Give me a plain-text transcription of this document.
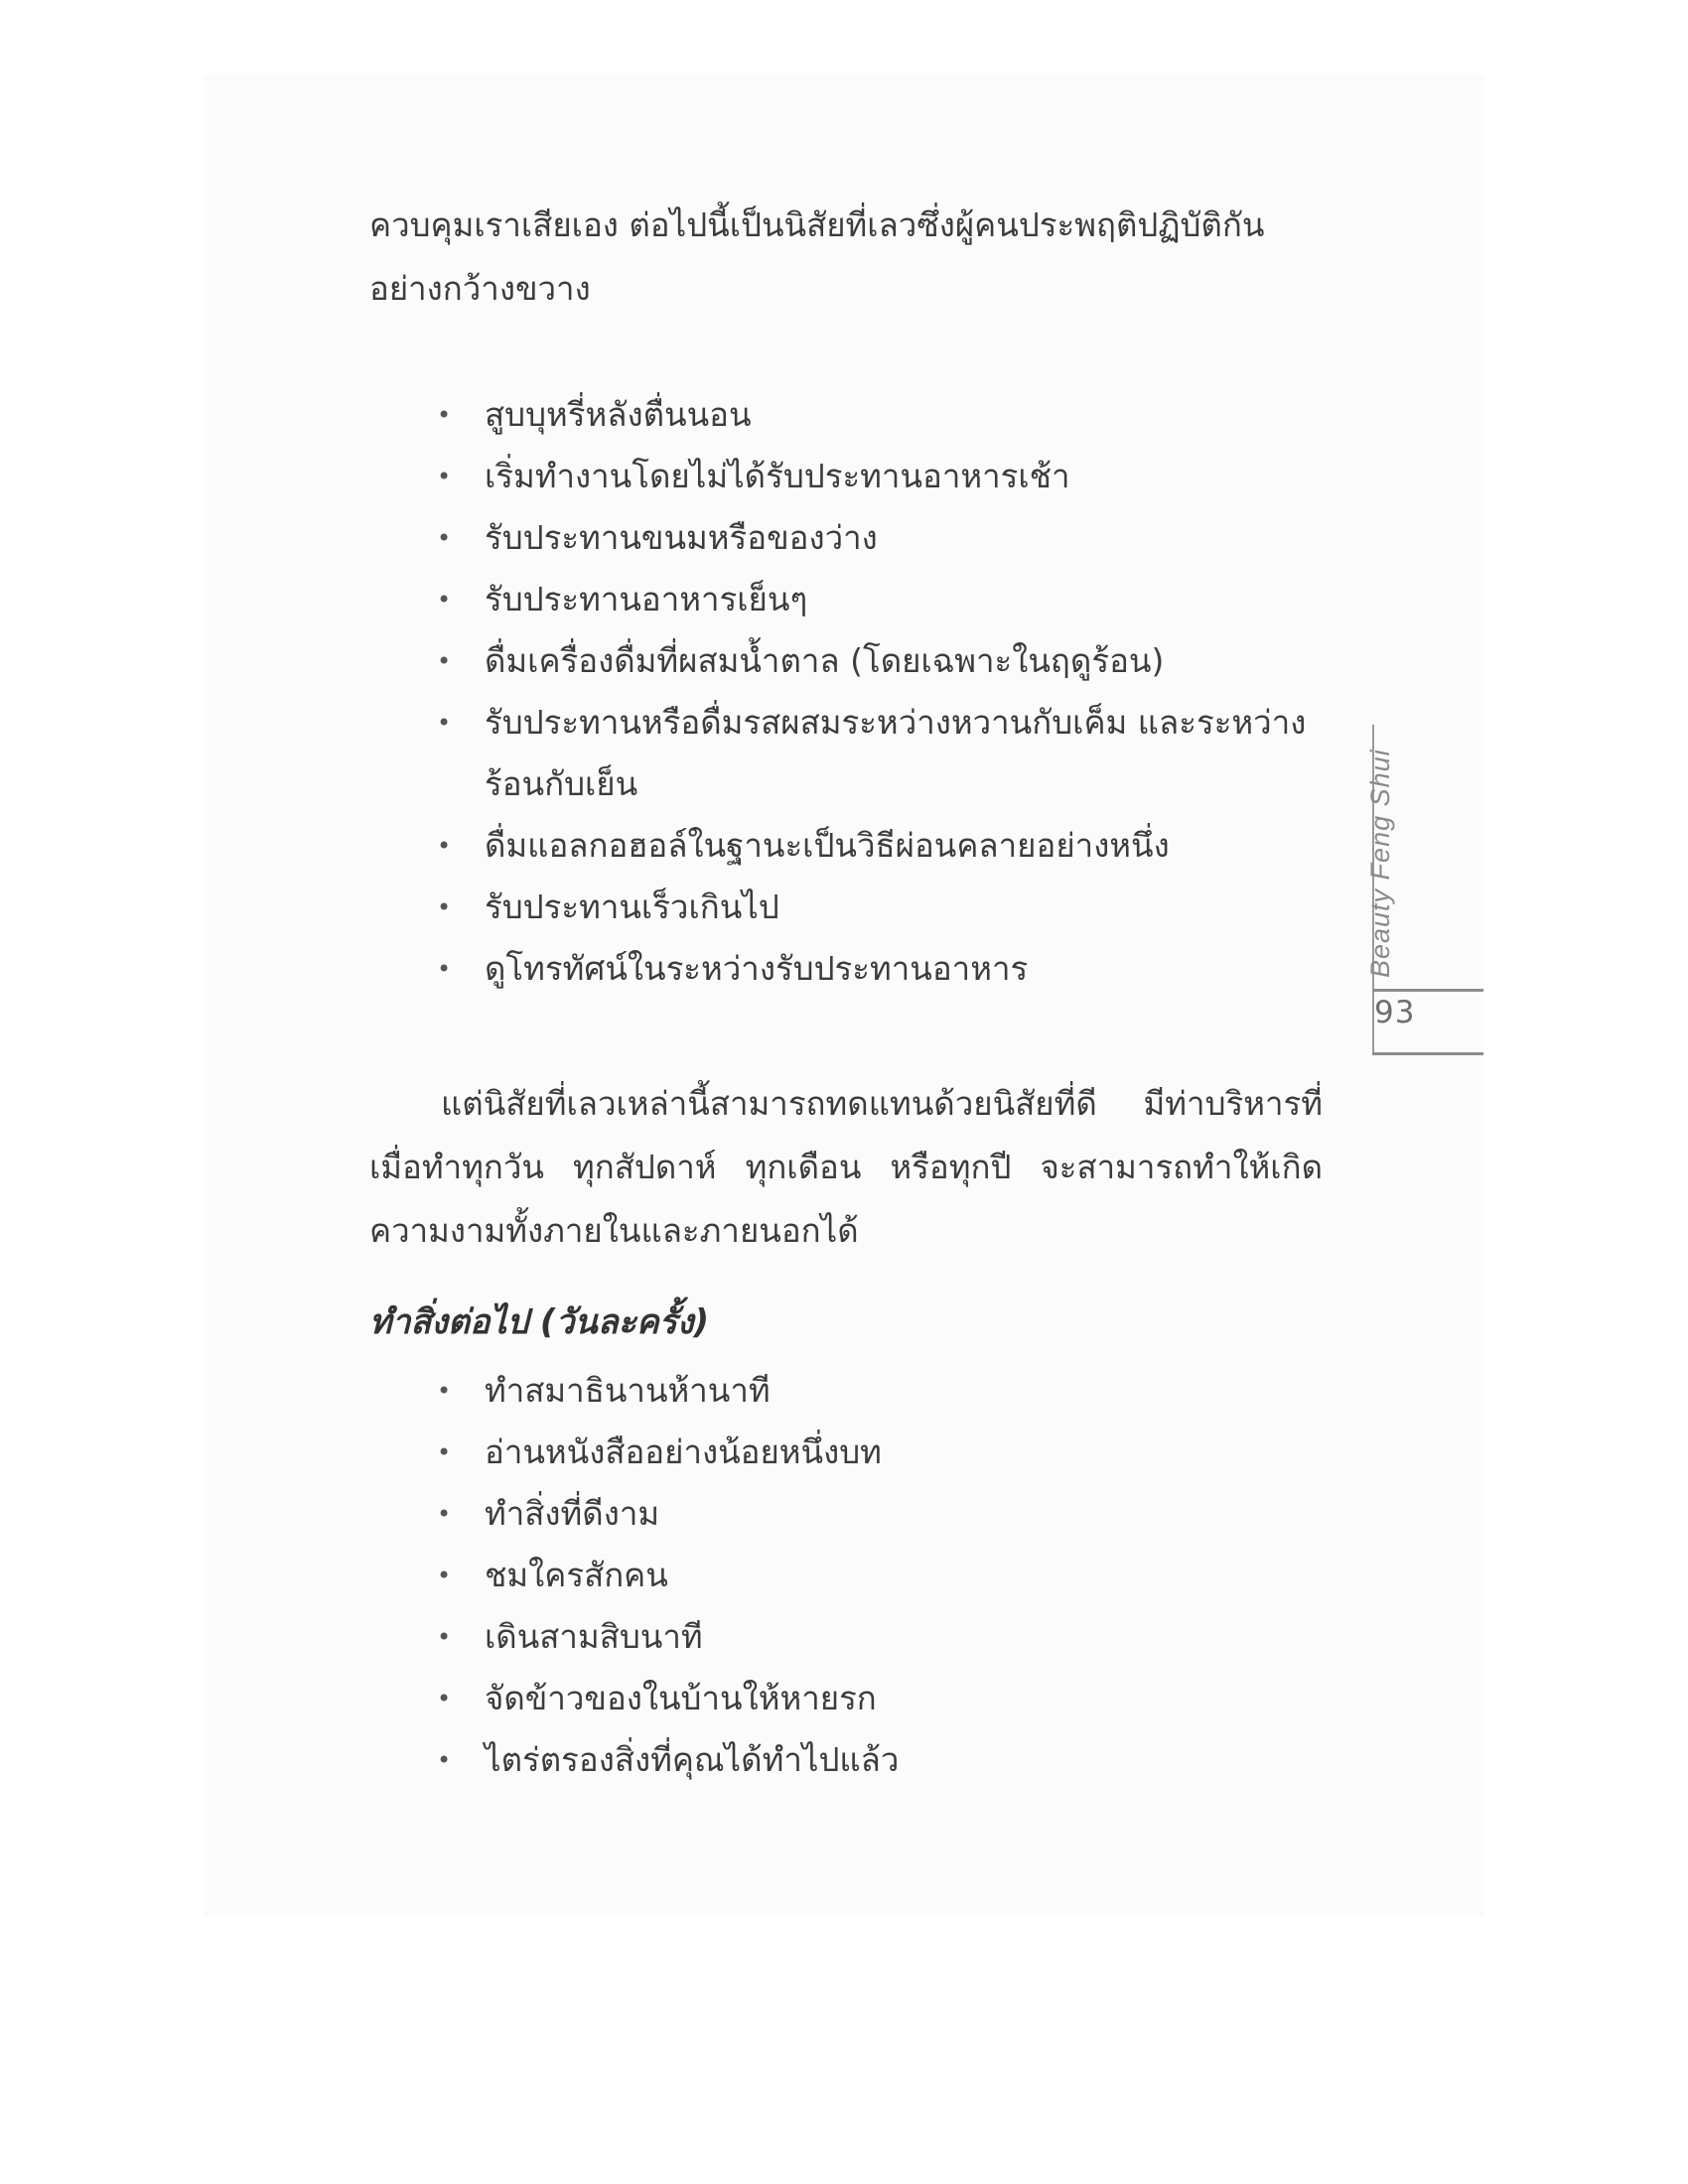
ควบคุมเราเสียเอง ต่อไปนี้เป็นนิสัยที่เลวซึ่งผู้คนประพฤติปฏิบัติกันอย่างกว้างขวาง

• สูบบุหรี่หลังตื่นนอน
• เริ่มทำงานโดยไม่ได้รับประทานอาหารเช้า
• รับประทานขนมหรือของว่าง
• รับประทานอาหารเย็นๆ
• ดื่มเครื่องดื่มที่ผสมน้ำตาล (โดยเฉพาะในฤดูร้อน)
• รับประทานหรือดื่มรสผสมระหว่างหวานกับเค็ม และระหว่างร้อนกับเย็น
• ดื่มแอลกอฮอล์ในฐานะเป็นวิธีผ่อนคลายอย่างหนึ่ง
• รับประทานเร็วเกินไป
• ดูโทรทัศน์ในระหว่างรับประทานอาหาร

แต่นิสัยที่เลวเหล่านี้สามารถทดแทนด้วยนิสัยที่ดี มีท่าบริหารที่เมื่อทำทุกวัน ทุกสัปดาห์ ทุกเดือน หรือทุกปี จะสามารถทำให้เกิดความงามทั้งภายในและภายนอกได้

ทำสิ่งต่อไป (วันละครั้ง)
• ทำสมาธินานห้านาที
• อ่านหนังสืออย่างน้อยหนึ่งบท
• ทำสิ่งที่ดีงาม
• ชมใครสักคน
• เดินสามสิบนาที
• จัดข้าวของในบ้านให้หายรก
• ไตร่ตรองสิ่งที่คุณได้ทำไปแล้ว
Beauty Feng Shui
93
